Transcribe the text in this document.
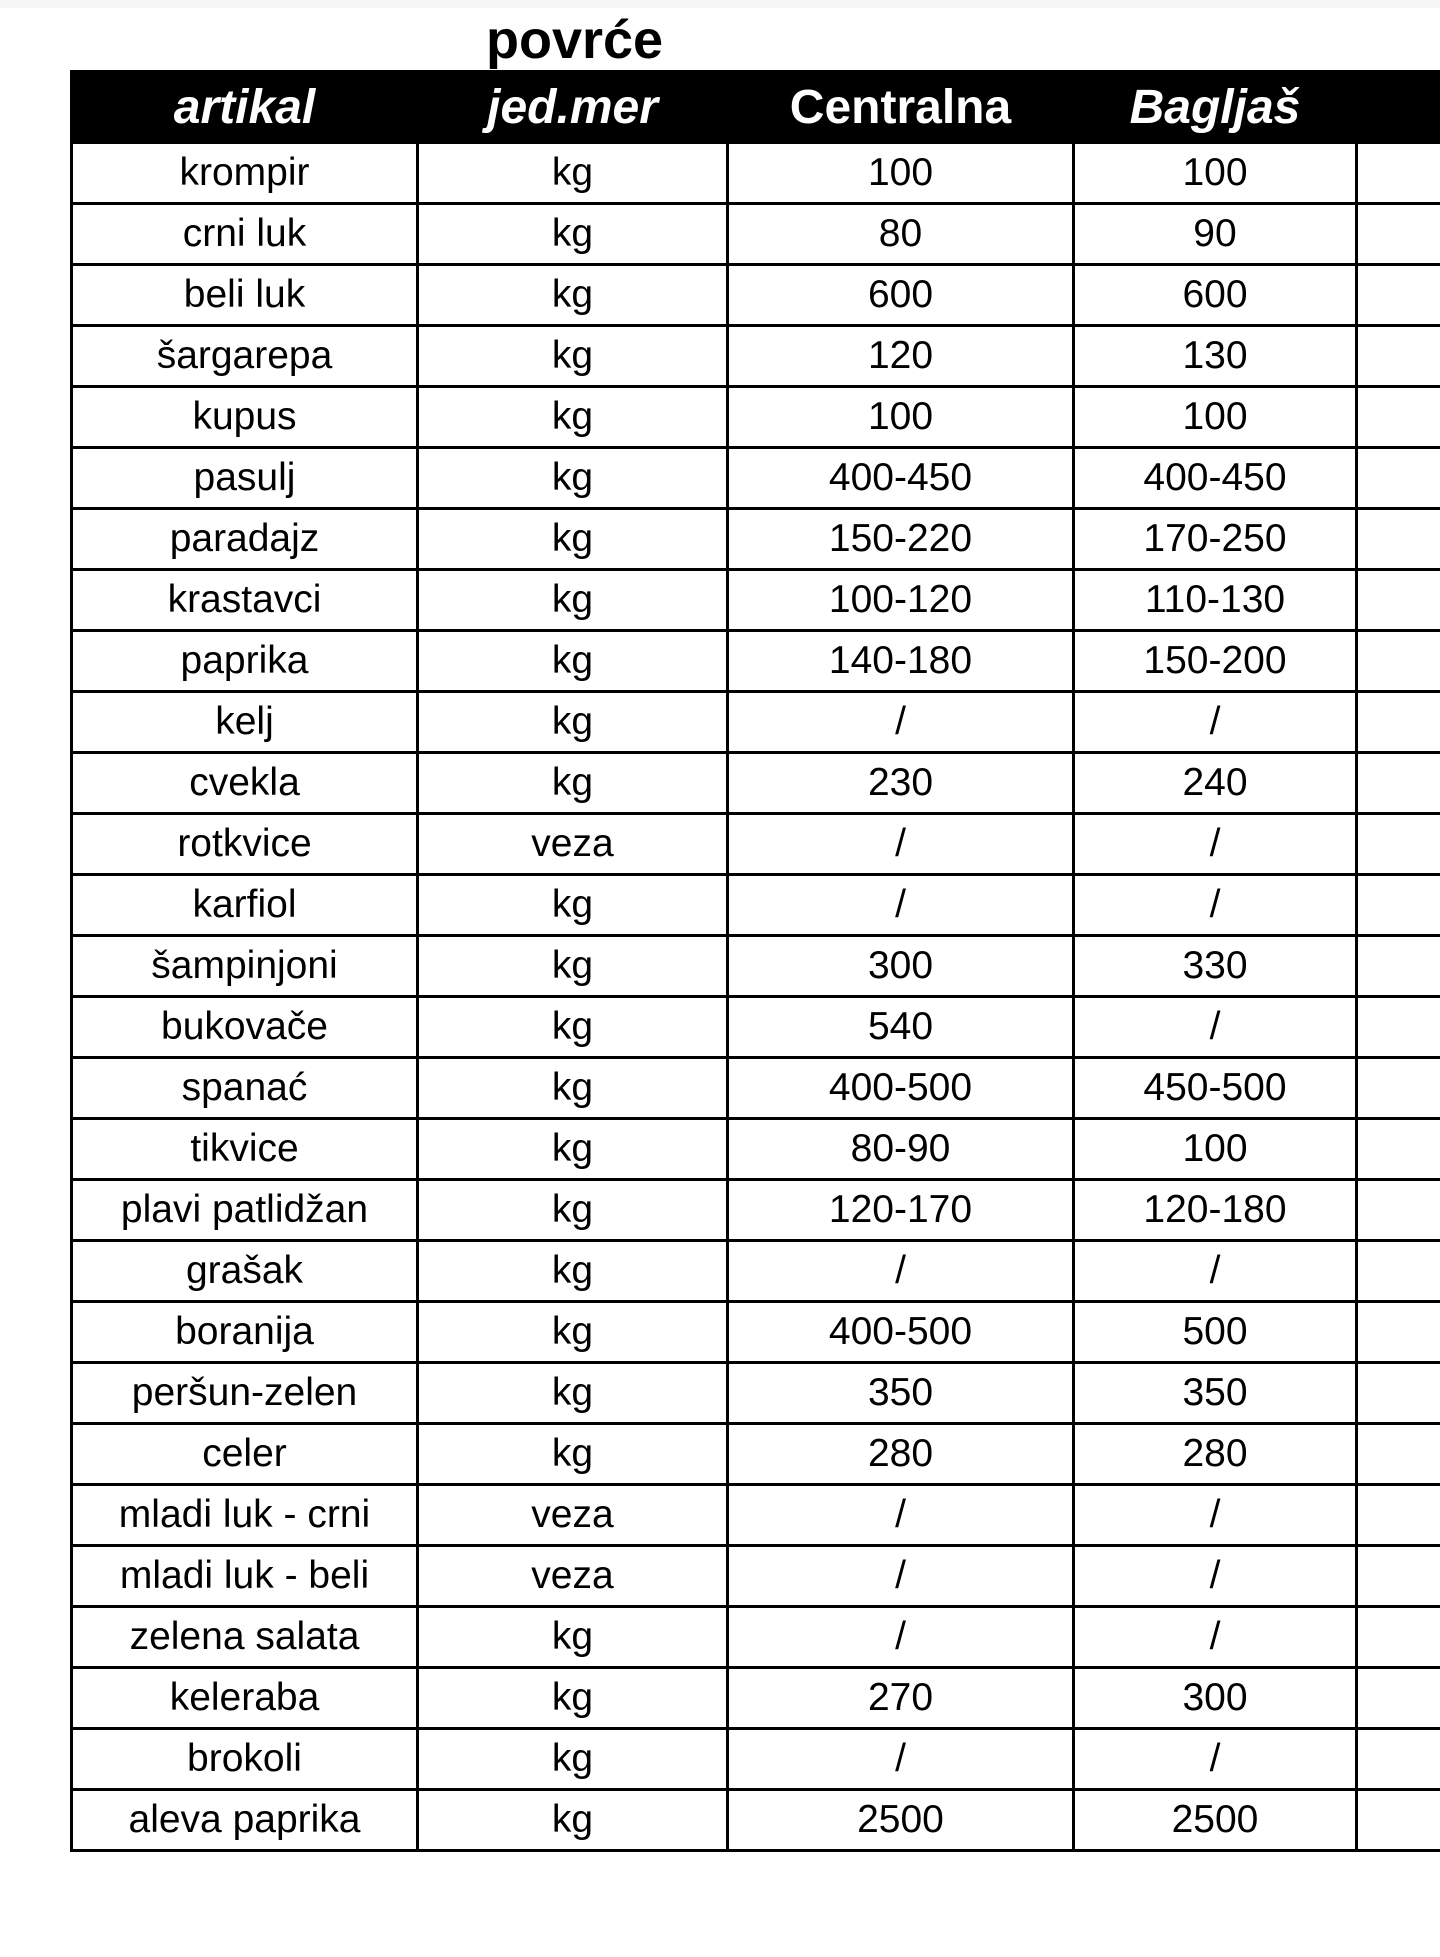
povrće
artikal	jed.mer	Centralna	Bagljaš	
krompir	kg	100	100	
crni luk	kg	80	90	
beli luk	kg	600	600	
šargarepa	kg	120	130	
kupus	kg	100	100	
pasulj	kg	400-450	400-450	
paradajz	kg	150-220	170-250	
krastavci	kg	100-120	110-130	
paprika	kg	140-180	150-200	
kelj	kg	/	/	
cvekla	kg	230	240	
rotkvice	veza	/	/	
karfiol	kg	/	/	
šampinjoni	kg	300	330	
bukovače	kg	540	/	
spanać	kg	400-500	450-500	
tikvice	kg	80-90	100	
plavi patlidžan	kg	120-170	120-180	
grašak	kg	/	/	
boranija	kg	400-500	500	
peršun-zelen	kg	350	350	
celer	kg	280	280	
mladi luk - crni	veza	/	/	
mladi luk - beli	veza	/	/	
zelena salata	kg	/	/	
keleraba	kg	270	300	
brokoli	kg	/	/	
aleva paprika	kg	2500	2500	
